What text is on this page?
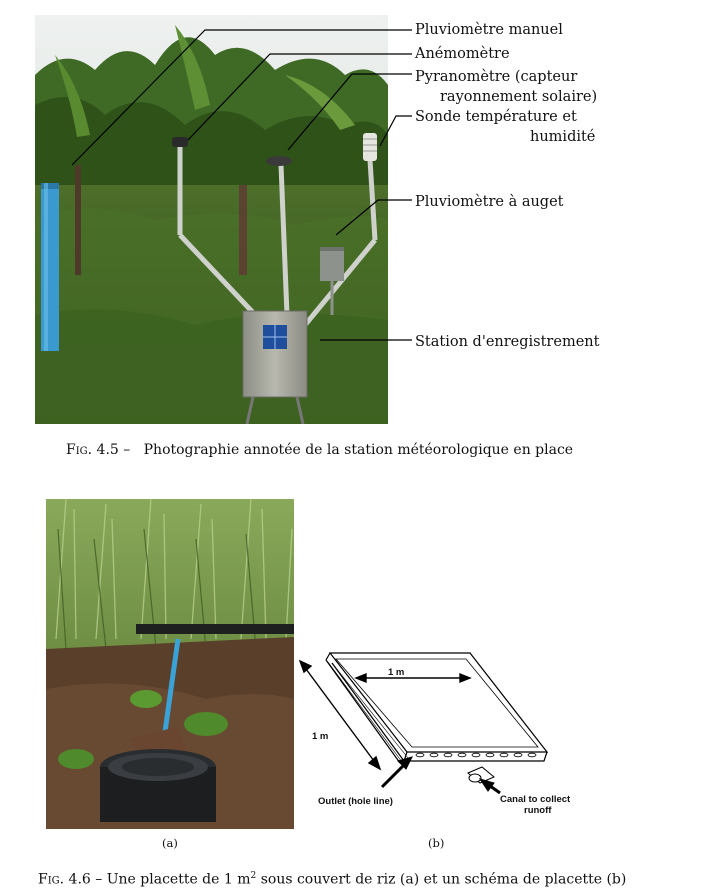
Pluviomètre manuel
Anémomètre
Pyranomètre (capteur
rayonnement solaire)
Sonde température et
humidité
Pluviomètre à auget
Station d'enregistrement
Fig. 4.5 – Photographie annotée de la station météorologique en place
1 m
1 m
Outlet (hole line)	Canal to collect
runoff
(a)	(b)
Fig. 4.6 – Une placette de 1 $m^2$ sous couvert de riz (a) et un schéma de placette (b)
